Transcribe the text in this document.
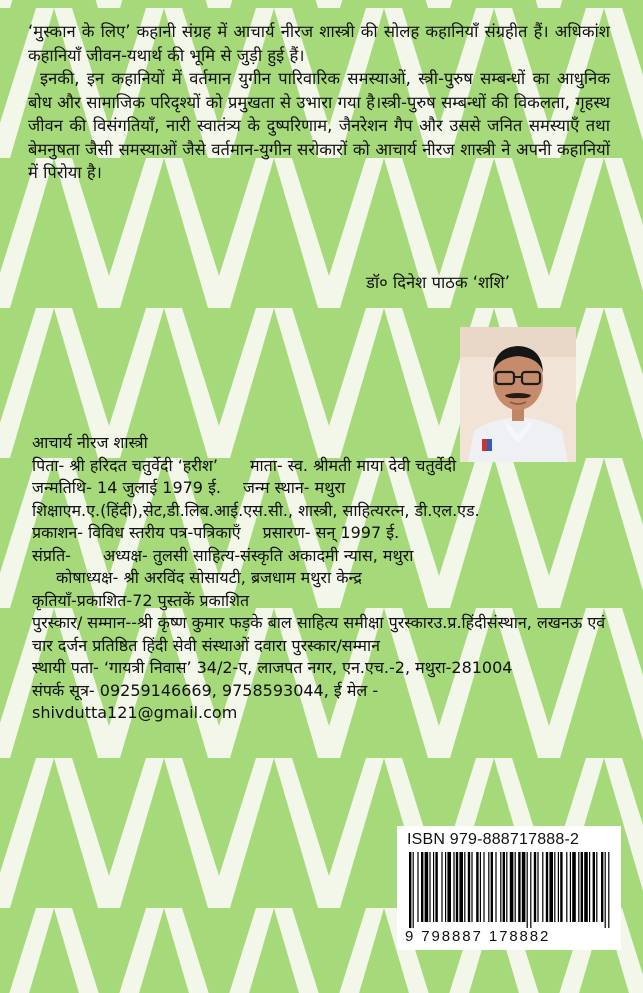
‘मुस्कान के लिए’ कहानी संग्रह में आचार्य नीरज शास्त्री की सोलह कहानियाँ संग्रहीत हैं। अधिकांश कहानियाँ जीवन-यथार्थ की भूमि से जुड़ी हुई हैं।

इनकी, इन कहानियों में वर्तमान युगीन पारिवारिक समस्याओं, स्त्री-पुरुष सम्बन्धों का आधुनिक बोध और सामाजिक परिदृश्यों को प्रमुखता से उभारा गया है।स्त्री-पुरुष सम्बन्धों की विकलता, गृहस्थ जीवन की विसंगतियाँ, नारी स्वातंत्र्य के दुष्परिणाम, जैनरेशन गैप और उससे जनित समस्याएँ तथा बेमनुषता जैसी समस्याओं जैसे वर्तमान-युगीन सरोकारों को आचार्य नीरज शास्त्री ने अपनी कहानियों में पिरोया है।

डॉ० दिनेश पाठक ‘शशि’
आचार्य नीरज शास्त्री
पिता- श्री हरिदत चतुर्वेदी ‘हरीश’ माता- स्व. श्रीमती माया देवी चतुर्वेदी
जन्मतिथि- 14 जुलाई 1979 ई. जन्म स्थान- मथुरा
शिक्षाएम.ए.(हिंदी),सेट,डी.लिब.आई.एस.सी., शास्त्री, साहित्यरत्न, डी.एल.एड.
प्रकाशन- विविध स्तरीय पत्र-पत्रिकाएँ प्रसारण- सन् 1997 ई.
संप्रति- अध्यक्ष- तुलसी साहित्य-संस्कृति अकादमी न्यास, मथुरा
कोषाध्यक्ष- श्री अरविंद सोसायटी, ब्रजधाम मथुरा केन्द्र
कृतियाँ-प्रकाशित-72 पुस्तकें प्रकाशित
पुरस्कार/ सम्मान--श्री कृष्ण कुमार फड़के बाल साहित्य समीक्षा पुरस्कारउ.प्र.हिंदीसंस्थान, लखनऊ एवं चार दर्जन प्रतिष्ठित हिंदी सेवी संस्थाओं दवारा पुरस्कार/सम्मान
स्थायी पता- ‘गायत्री निवास’ 34/2-ए, लाजपत नगर, एन.एच.-2, मथुरा-281004
संपर्क सूत्र- 09259146669, 9758593044, ई मेल -
shivdutta121@gmail.com
ISBN 979-888717888-2
9 798887 178882
